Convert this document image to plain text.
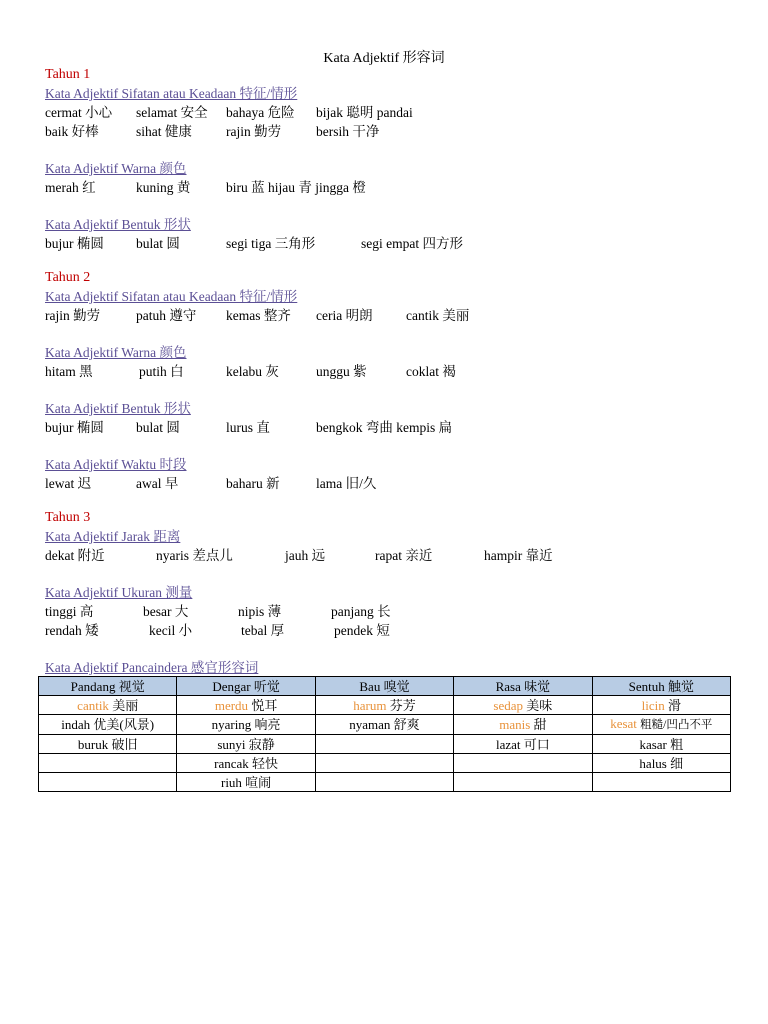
Kata Adjektif 形容词
Tahun 1
Kata Adjektif Sifatan atau Keadaan 特征/情形
cermat 小心 selamat 安全 bahaya 危险 bijak 聪明 pandai
baik 好棒	sihat 健康	rajin 勤劳	bersih 干净
Kata Adjektif Warna 颜色
merah 红	kuning 黄	biru 蓝 hijau 青 jingga 橙
Kata Adjektif Bentuk 形状
bujur 椭圆 bulat 圆	segi tiga 三角形	segi empat 四方形
Tahun 2
Kata Adjektif Sifatan atau Keadaan 特征/情形
rajin 勤劳	patuh 遵守 kemas 整齐 ceria 明朗 cantik 美丽
Kata Adjektif Warna 颜色
hitam 黑	putih 白	kelabu 灰	unggu 紫	coklat 褐
Kata Adjektif Bentuk 形状
bujur 椭圆 bulat 圆	lurus 直	bengkok 弯曲 kempis 扁
Kata Adjektif Waktu 时段
lewat 迟	awal 早	baharu 新	lama 旧/久
Tahun 3
Kata Adjektif Jarak 距离
dekat 附近	nyaris 差点儿	jauh 远	rapat 亲近	hampir 靠近
Kata Adjektif Ukuran 测量
tinggi 高	besar 大	nipis 薄	panjang 长
rendah 矮	kecil 小	tebal 厚	pendek 短
Kata Adjektif Pancaindera 感官形容词
Pandang 视觉	Dengar 听觉	Bau 嗅觉	Rasa 味觉	Sentuh 触觉
cantik 美丽	merdu 悦耳	harum 芬芳	sedap 美味	licin 滑
indah 优美(风景)	nyaring 响亮	nyaman 舒爽	manis 甜	kesat 粗糙/凹凸不平
buruk 破旧	sunyi 寂静		lazat 可口	kasar 粗
	rancak 轻快			halus 细
	riuh 喧闹			
